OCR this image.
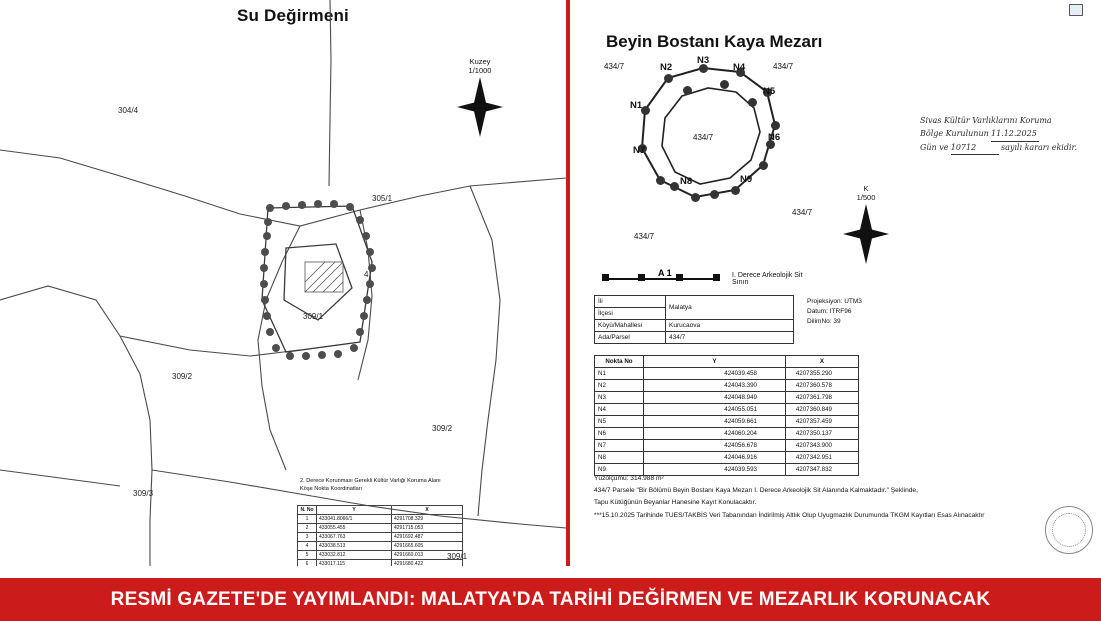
Su Değirmeni
304/4
305/1
309/1
4
309/2
309/2
309/3
309/1
Kuzey
1/1000
2. Derece Korunması Gerekli Kültür Varlığı Koruma Alanı Köşe Nokta Koordinatları
N. No	Y	X
1	433041.8066/1	4291708.329
2	433055.455	4291715.053
3	433067.763	4291692.487
4	433038.513	4291665.605
5	433032.812	4291660.013
6	433017.115	4291680.422
Beyin Bostanı Kaya Mezarı
N1
N2
N3
N4
N5
N6
N7
N8	N9
434/7	434/7
434/7
434/7
434/7
Sivas Kültür Varlıklarını Koruma
Bölge Kurulunun 11.12.2025
Gün ve 10712	sayılı kararı ekidir.
K
1/500
A 1	I. Derece Arkeolojik Sit Sınırı
İli	Malatya
İlçesi	
Köyü/Mahallesi	Kurucaova
Ada/Parsel	434/7
Projeksiyon: UTM3
Datum: ITRF96
DilimNo: 39
Nokta No	Y	X
N1	424039.458	4207355.290
N2	424043.390	4207360.578
N3	424048.949	4207361.798
N4	424055.051	4207360.849
N5	424059.661	4207357.459
N6	424060.204	4207350.137
N7	424056.678	4207343.900
N8	424046.916	4207342.951
N9	424039.593	4207347.832
Yüzölçümü: 314.988 m²
434/7 Parsele "Bir Bölümü Beyin Bostanı Kaya Mezarı I. Derece Arkeolojik Sit Alanında Kalmaktadır." Şeklinde,
Tapu Kütüğünün Beyanlar Hanesine Kayıt Konulacaktır.
***15.10.2025 Tarihinde TUES/TAKBİS Veri Tabanından İndirilmiş Altlık Olup Uyugmazlık Durumunda TKGM Kayıtları Esas Alınacaktır
RESMİ GAZETE'DE YAYIMLANDI: MALATYA'DA TARİHİ DEĞİRMEN VE MEZARLIK KORUNACAK
